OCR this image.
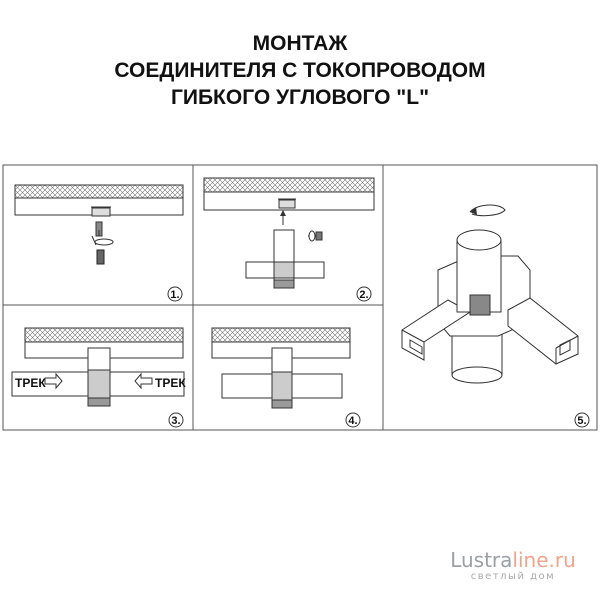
МОНТАЖ
СОЕДИНИТЕЛЯ С ТОКОПРОВОДОМ
ГИБКОГО УГЛОВОГО "L"
1.	2.
ТРЕК	ТРЕК
3.	4.	5.
Lustraline.ru
светлый дом
